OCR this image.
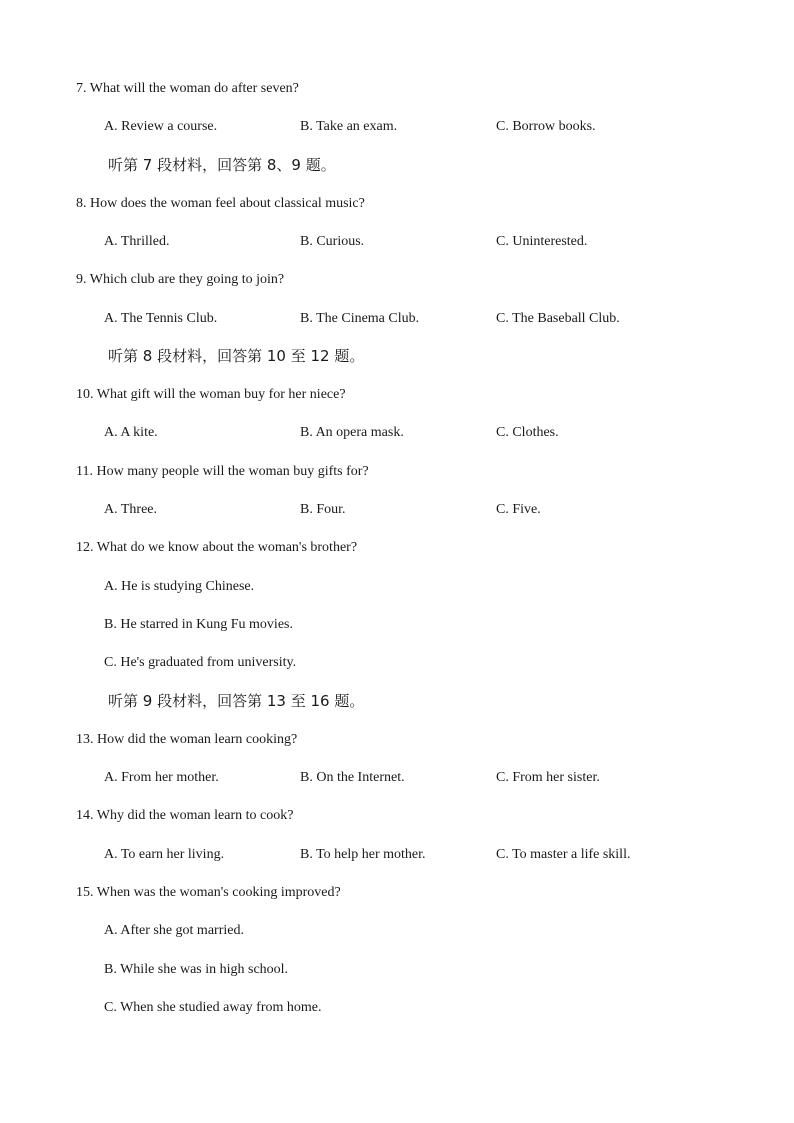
7. What will the woman do after seven?
A. Review a course.	B. Take an exam.	C. Borrow books.
听第 7 段材料，回答第 8、9 题。
8. How does the woman feel about classical music?
A. Thrilled.	B. Curious.	C. Uninterested.
9. Which club are they going to join?
A. The Tennis Club.	B. The Cinema Club.	C. The Baseball Club.
听第 8 段材料，回答第 10 至 12 题。
10. What gift will the woman buy for her niece?
A. A kite.	B. An opera mask.	C. Clothes.
11. How many people will the woman buy gifts for?
A. Three.	B. Four.	C. Five.
12. What do we know about the woman's brother?
A. He is studying Chinese.
B. He starred in Kung Fu movies.
C. He's graduated from university.
听第 9 段材料，回答第 13 至 16 题。
13. How did the woman learn cooking?
A. From her mother.	B. On the Internet.	C. From her sister.
14. Why did the woman learn to cook?
A. To earn her living.	B. To help her mother.	C. To master a life skill.
15. When was the woman's cooking improved?
A. After she got married.
B. While she was in high school.
C. When she studied away from home.
